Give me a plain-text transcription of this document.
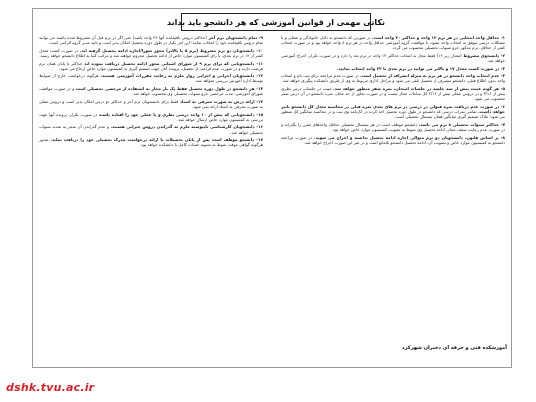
نکاتی مهمی از قوانین آموزشی که هر دانشجو باید بداند
۱- حداقل واحد انتخابی در هر ترم ۱۲ واحد و حداکثر ۲۰ واحد است. در صورتی که دانشجو به دلایل خانوادگی و شغلی و یا مشکلات درسی موفق به انتخاب واحد نشود، با موافقت گروه آموزشی حداقل واحد در هر ترم ۸ واحد خواهد بود و در صورت انتخاب کمتر از حداقل، ترم مذکور جزو سنوات تحصیلی محسوب می گردد.
۲- دانشجوی مشروط (معدل زیر ۱۲) فقط مجاز به انتخاب حداکثر ۱۴ واحد در ترم بعد را دارد و در صورت تکرار، اخراج آموزشی خواهد شد.
۳- در صورت کسب معدل ۱۷ و بالاتر می توانید در ترم بعدی تا ۲۴ واحد انتخاب نمایید.
۴- عدم انتخاب واحد دانشجو در هر ترم به منزله انصراف از تحصیل است. در صورت عدم مراجعه برای ثبت نام و انتخاب واحد بدون اطلاع قبلی، دانشجو منصرف از تحصیل تلقی می شود و مراحل اداری مربوط به وی از طریق دانشکده پیگیری خواهد شد.
۵- هر گونه غیبت بیش از سه جلسه در جلسات امتحان، نمره صفر منظور خواهد شد. غیبت در جلسات درس نظری بیش از ۳/۱۶ و در دروس عملی بیش از ۲/۱۶ کل ساعات مجاز نیست و در صورت تجاوز از حد مجاز، نمره دانشجو در آن درس صفر محسوب می شود.
۶- در صورت عدم دریافت نمره قبولی در درسی در ترم های بعدی نمره قبلی در محاسبه معدل کل دانشجو تاثیر خواهد داشت. تمامی نمرات درسی که دانشجو در طول دوره تحصیل اخذ کرده در کارنامه وی ثبت و در محاسبه میانگین کل منظور می شود؛ ملاک تصمیم گیری میانگین همان نیمسال تحصیلی است.
۷- حداکثر سنوات تحصیلی ۸ ترم می باشد. دانشجو موظف است در هر نیمسال تحصیلی حداقل واحدهای مقرر را بگذراند و در صورت عدم رعایت سقف مجاز، ادامه تحصیل وی منوط به تصویب کمیسیون موارد خاص خواهد بود.
۸- بر اساس قانون، دانشجویان دو ترم متوالی اجازه ادامه تحصیل نداشته و اخراج می شوند. در صورت مراجعه دانشجو به کمیسیون موارد خاص و تصویب آن، ادامه تحصیل دانشجو بلامانع است و در غیر این صورت اخراج خواهد شد.
۹- تمام دانشجویان ترم آخر (حداکثر دروس باقیمانده آنها ۲۴ واحد باشد) حتی اگر در ترم قبل آن مشروط شده باشند می توانند تمام دروس باقیمانده خود را انتخاب نمایند؛ این امر یکبار در طول دوره تحصیل امکان پذیر است و تایید مدیر گروه الزامی است.
۱۰- دانشجویان دو ترم مشروط (ترم ۵ یا بالاتر) مجوز شورا/اجازه ادامه تحصیل گرفته اند. در صورت کسب معدل کمتر از ۱۲ در ترم بعدی، با رای کمیسیون موارد خاص از ادامه تحصیل محروم خواهند شد و مراتب کتبا به اطلاع دانشجو خواهد رسید.
۱۱- دانشجویانی که برای ترم ۹ از شورای استانی مجوز ادامه تحصیل دریافت نموده اند حداکثر تا پایان همان ترم فرصت دارند و در صورت عدم فراغت از تحصیل، پرونده آنان جهت تصمیم گیری به کمیسیون موارد خاص ارجاع می شود.
۱۲- دانشجویان اجرایی و اجرایی زوار ملزم به رعایت مقررات آموزشی هستند. هرگونه درخواست خارج از ضوابط توسط اداره آموزش بررسی نخواهد شد.
۱۳- هر دانشجو در طول دوره تحصیل فقط یک بار مجاز به استفاده از مرخصی تحصیلی است و در صورت موافقت شورای آموزشی، مدت مرخصی جزو سنوات تحصیلی وی محسوب خواهد شد.
۱۴- ارائه درس به صورت معرفی به استاد فقط برای دانشجویان ترم آخر و حداکثر دو درس امکان پذیر است و دروس عملی به صورت معرفی به استاد ارائه نمی شود.
۱۵- دانشجویانی که بیش از ۱۰ واحد درسی نظری و یا عملی خود را افتاده باشند در صورت تکرار، پرونده آنها جهت بررسی به کمیسیون موارد خاص ارسال خواهد شد.
۱۶- دانشجویان کارشناسی ناپیوسته ملزم به گذراندن دروس جبرانی هستند. و عدم گذراندن آن منجر به تمدید سنوات تحصیلی خواهد شد.
۱۷- دانشجو موظف است پس از پایان تحصیلات با ارائه درخواست مدرک تحصیلی خود را دریافت نماید. صدور هرگونه گواهی موقت منوط به تسویه حساب کامل با دانشکده خواهد بود.
آموزشکده فنی و حرفه ای دختران شهرکرد
dshk.tvu.ac.ir
